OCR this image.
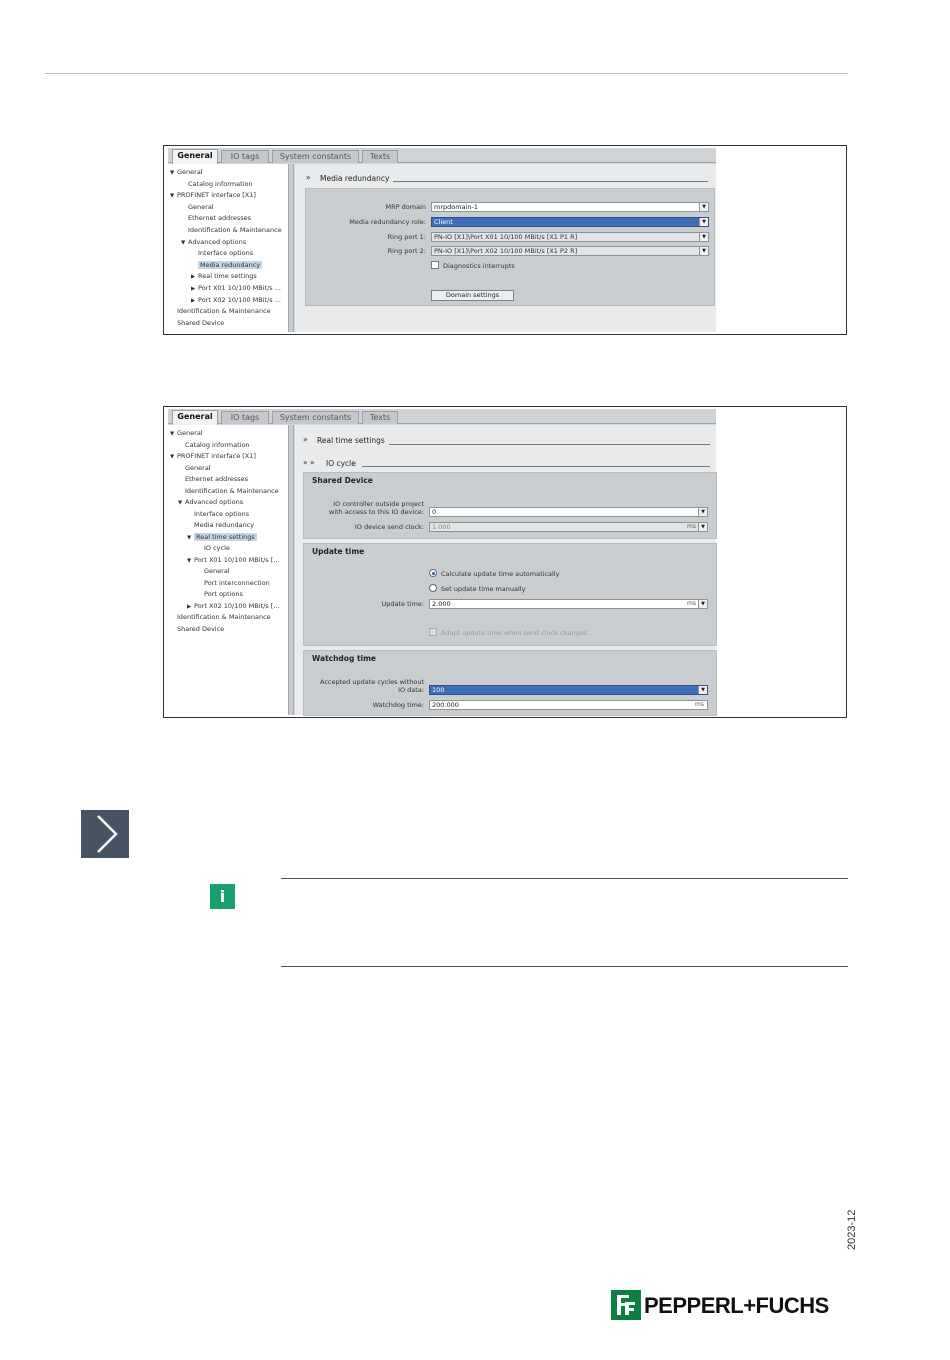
General	IO tags	System constants	Texts
▼ General
Catalog information
▼ PROFINET interface [X1]
General
Ethernet addresses
Identification & Maintenance
▼ Advanced options
Interface options
Media redundancy
▶ Real time settings
▶ Port X01 10/100 MBit/s ...
▶ Port X02 10/100 MBit/s ...
Identification & Maintenance
Shared Device
» Media redundancy
MRP domain	mrpdomain-1	▼
Media redundancy role:	Client	▼
Ring port 1:	PN-IO [X1]\Port X01 10/100 MBit/s [X1 P1 R]	▼
Ring port 2:	PN-IO [X1]\Port X02 10/100 MBit/s [X1 P2 R]	▼
Diagnostics interrupts
Domain settings
General	IO tags	System constants	Texts
▼ General
Catalog information
▼ PROFINET interface [X1]
General
Ethernet addresses
Identification & Maintenance
▼ Advanced options
Interface options
Media redundancy
▼ Real time settings
IO cycle
▼ Port X01 10/100 MBit/s [...
General
Port interconnection
Port options
▶ Port X02 10/100 MBit/s [...
Identification & Maintenance
Shared Device
» Real time settings
» » IO cycle
Shared Device
IO controller outside project
with access to this IO device:	0	▼
IO device send clock:	1.000	ms	▼
Update time
Calculate update time automatically
Set update time manually
Update time:	2.000	ms	▼
Adapt update time when send clock changes
Watchdog time
Accepted update cycles without
IO data:	100	▼
Watchdog time:	200.000	ms
i
2023-12
PEPPERL+FUCHS
